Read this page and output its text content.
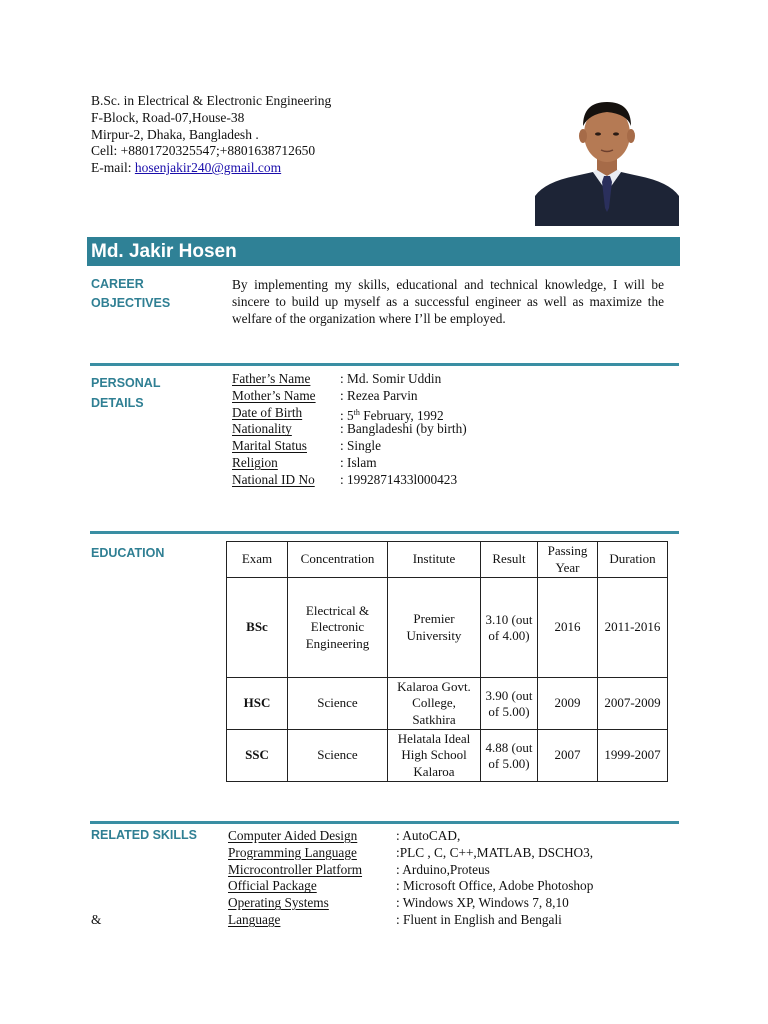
B.Sc. in Electrical & Electronic Engineering
F-Block, Road-07,House-38
Mirpur-2, Dhaka, Bangladesh .
Cell: +8801720325547;+8801638712650
E-mail: hosenjakir240@gmail.com
Md. Jakir Hosen
CAREER
OBJECTIVES
By implementing my skills, educational and technical knowledge, I will be sincere to build up myself as a successful engineer as well as maximize the welfare of the organization where I’ll be employed.
PERSONAL
DETAILS
Father’s Name : Md. Somir Uddin
Mother’s Name : Rezea Parvin
Date of Birth	: 5th February, 1992
Nationality	: Bangladeshi (by birth)
Marital Status : Single
Religion	: Islam
National ID No : 1992871433l000423
EDUCATION	Exam	Concentration	Institute	Result	Passing Year	Duration
BSc	Electrical & Electronic Engineering	Premier University	3.10 (out of 4.00)	2016	2011-2016
HSC	Science	Kalaroa Govt. College, Satkhira	3.90 (out of 5.00)	2009	2007-2009
SSC	Science	Helatala Ideal High School Kalaroa	4.88 (out of 5.00)	2007	1999-2007
RELATED SKILLS
&
Computer Aided Design	: AutoCAD,
Programming Language	:PLC , C, C++,MATLAB, DSCHO3,
Microcontroller Platform	: Arduino,Proteus
Official Package	: Microsoft Office, Adobe Photoshop
Operating Systems	: Windows XP, Windows 7, 8,10
Language	: Fluent in English and Bengali
